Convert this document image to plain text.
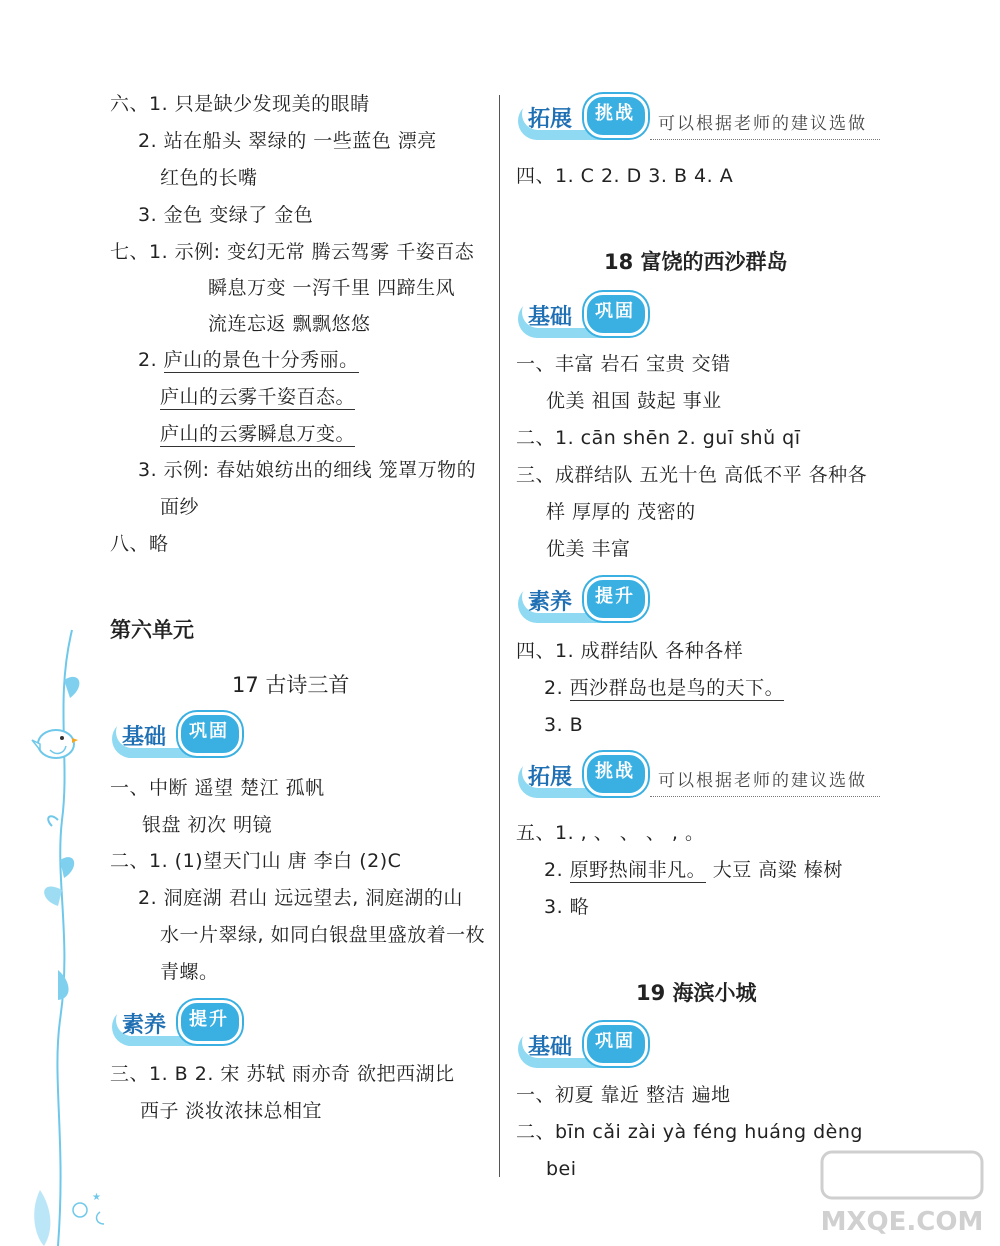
六、1. 只是缺少发现美的眼睛
2. 站在船头 翠绿的 一些蓝色 漂亮
红色的长嘴
3. 金色 变绿了 金色
七、1. 示例: 变幻无常 腾云驾雾 千姿百态
瞬息万变 一泻千里 四蹄生风
流连忘返 飘飘悠悠
2. 庐山的景色十分秀丽。
庐山的云雾千姿百态。
庐山的云雾瞬息万变。
3. 示例: 春姑娘纺出的细线 笼罩万物的
面纱
八、略
第六单元
17 古诗三首
基础 巩固
一、中断 遥望 楚江 孤帆
银盘 初次 明镜
二、1. (1)望天门山 唐 李白 (2)C
2. 洞庭湖 君山 远远望去, 洞庭湖的山
水一片翠绿, 如同白银盘里盛放着一枚
青螺。
素养 提升
三、1. B 2. 宋 苏轼 雨亦奇 欲把西湖比
西子 淡妆浓抹总相宜
拓展 挑战 可以根据老师的建议选做
四、1. C 2. D 3. B 4. A
18 富饶的西沙群岛
基础 巩固
一、丰富 岩石 宝贵 交错
优美 祖国 鼓起 事业
二、1. cān shēn 2. guī shǔ qī
三、成群结队 五光十色 高低不平 各种各
样 厚厚的 茂密的
优美 丰富
素养 提升
四、1. 成群结队 各种各样
2. 西沙群岛也是鸟的天下。
3. B
拓展 挑战 可以根据老师的建议选做
五、1. , 、 、 、 , 。
2. 原野热闹非凡。 大豆 高粱 榛树
3. 略
19 海滨小城
基础 巩固
一、初夏 靠近 整洁 遍地
二、bīn cǎi zài yà féng huáng dèng
bei
★
MXQE.COM
